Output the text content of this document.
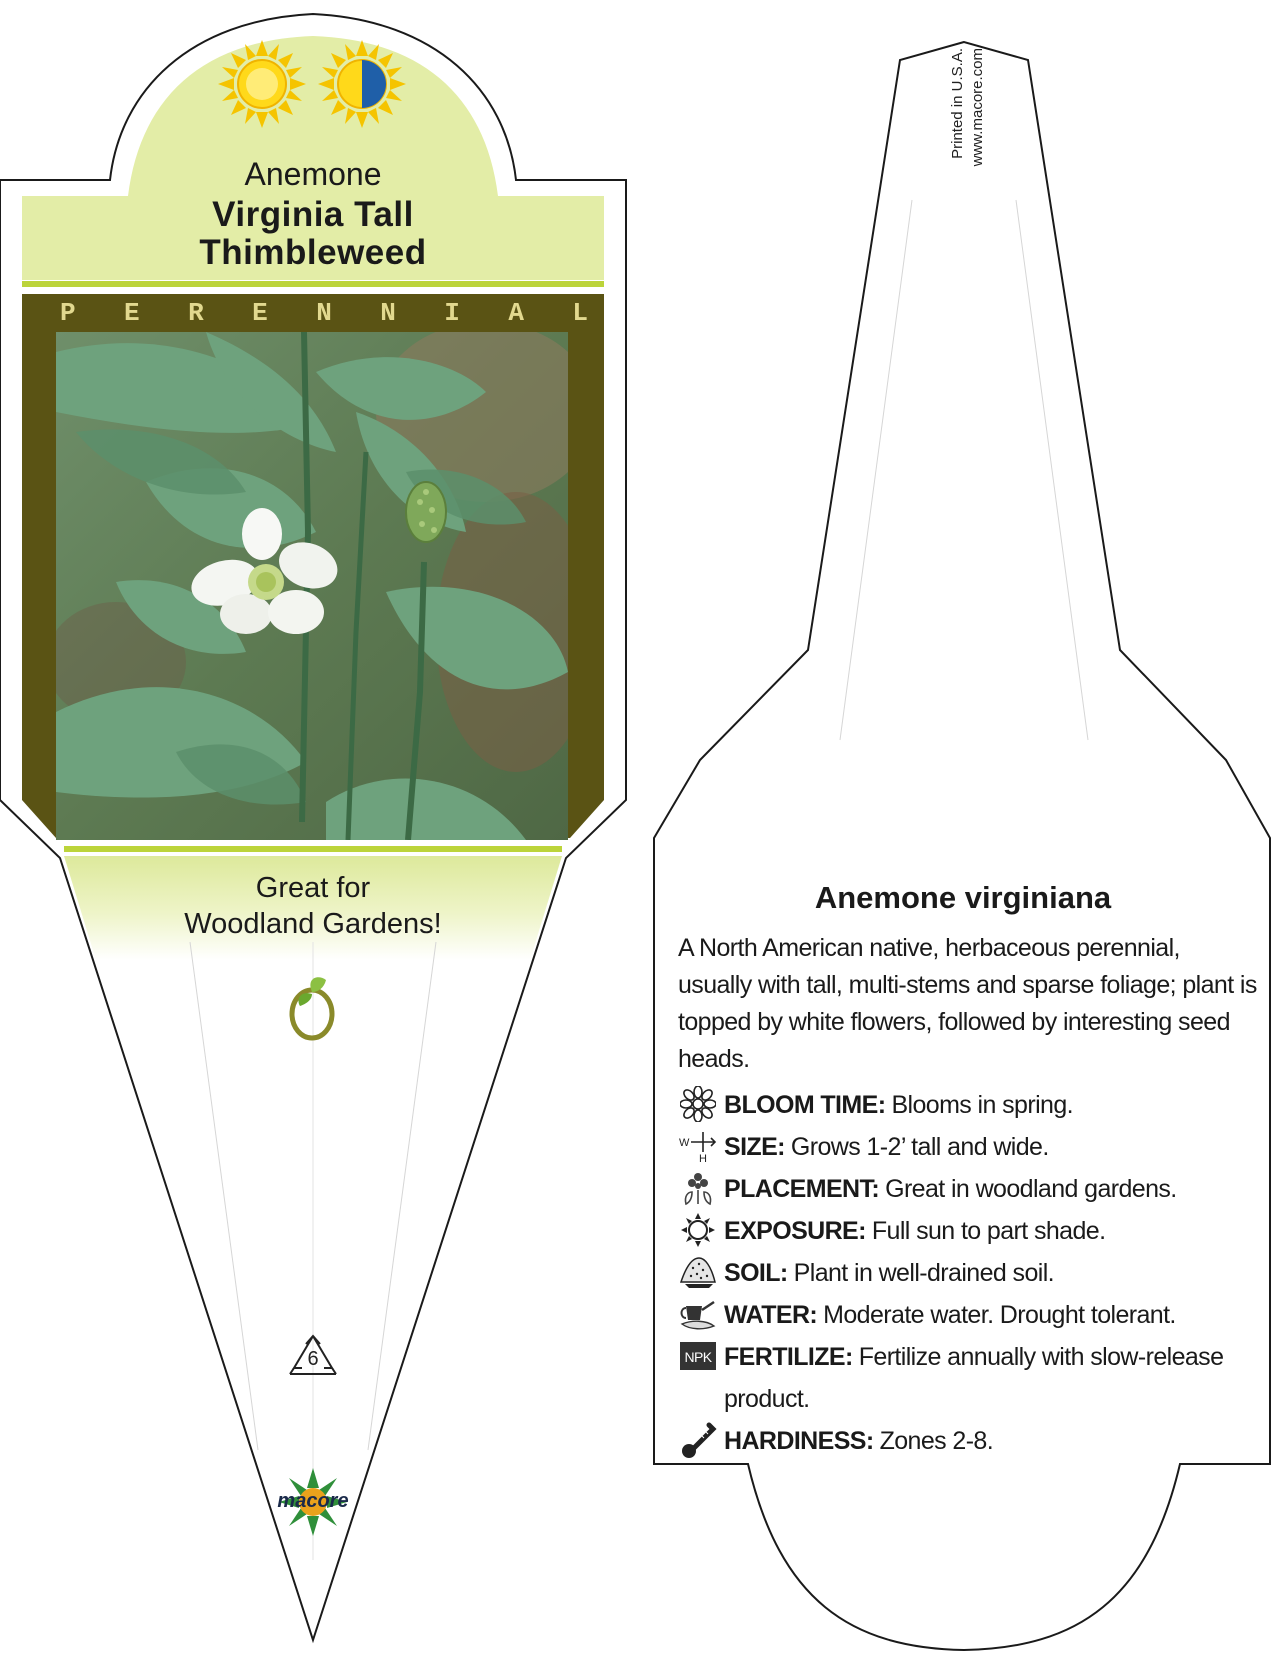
Anemone
Virginia Tall
Thimbleweed
P E R E N N I A L
Great for
Woodland Gardens!
6
macore
Printed in U.S.A. www.macore.com
Anemone virginiana
A North American native, herbaceous perennial, usually with tall, multi-stems and sparse foliage; plant is topped by white flowers, followed by interesting seed heads.
BLOOM TIME: Blooms in spring.
W
H SIZE: Grows 1-2’ tall and wide.
PLACEMENT: Great in woodland gardens.
EXPOSURE: Full sun to part shade.
SOIL: Plant in well-drained soil.
WATER: Moderate water. Drought tolerant.
NPK FERTILIZE: Fertilize annually with slow-release product.
HARDINESS: Zones 2-8.
